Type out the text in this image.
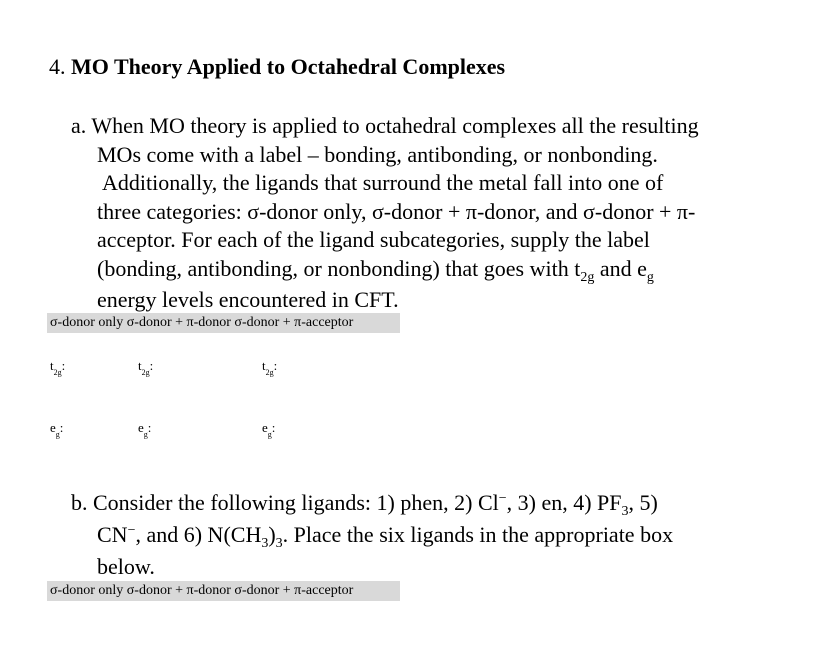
4. MO Theory Applied to Octahedral Complexes
a. When MO theory is applied to octahedral complexes all the resulting
MOs come with a label – bonding, antibonding, or nonbonding.
Additionally, the ligands that surround the metal fall into one of
three categories: σ-donor only, σ-donor + π-donor, and σ-donor + π-
acceptor. For each of the ligand subcategories, supply the label
(bonding, antibonding, or nonbonding) that goes with $t_{2g}$ and $e_g$
energy levels encountered in CFT.
σ-donor only σ-donor + π-donor σ-donor + π-acceptor
$t_{2g}$:	$t_{2g}$:	$t_{2g}$:
$e_g$:	$e_g$:	$e_g$:
b. Consider the following ligands: 1) phen, 2) Cl−, 3) en, 4) $PF_3$, 5)
CN−, and 6) $N(CH_3)_3$. Place the six ligands in the appropriate box
below.
σ-donor only σ-donor + π-donor σ-donor + π-acceptor
